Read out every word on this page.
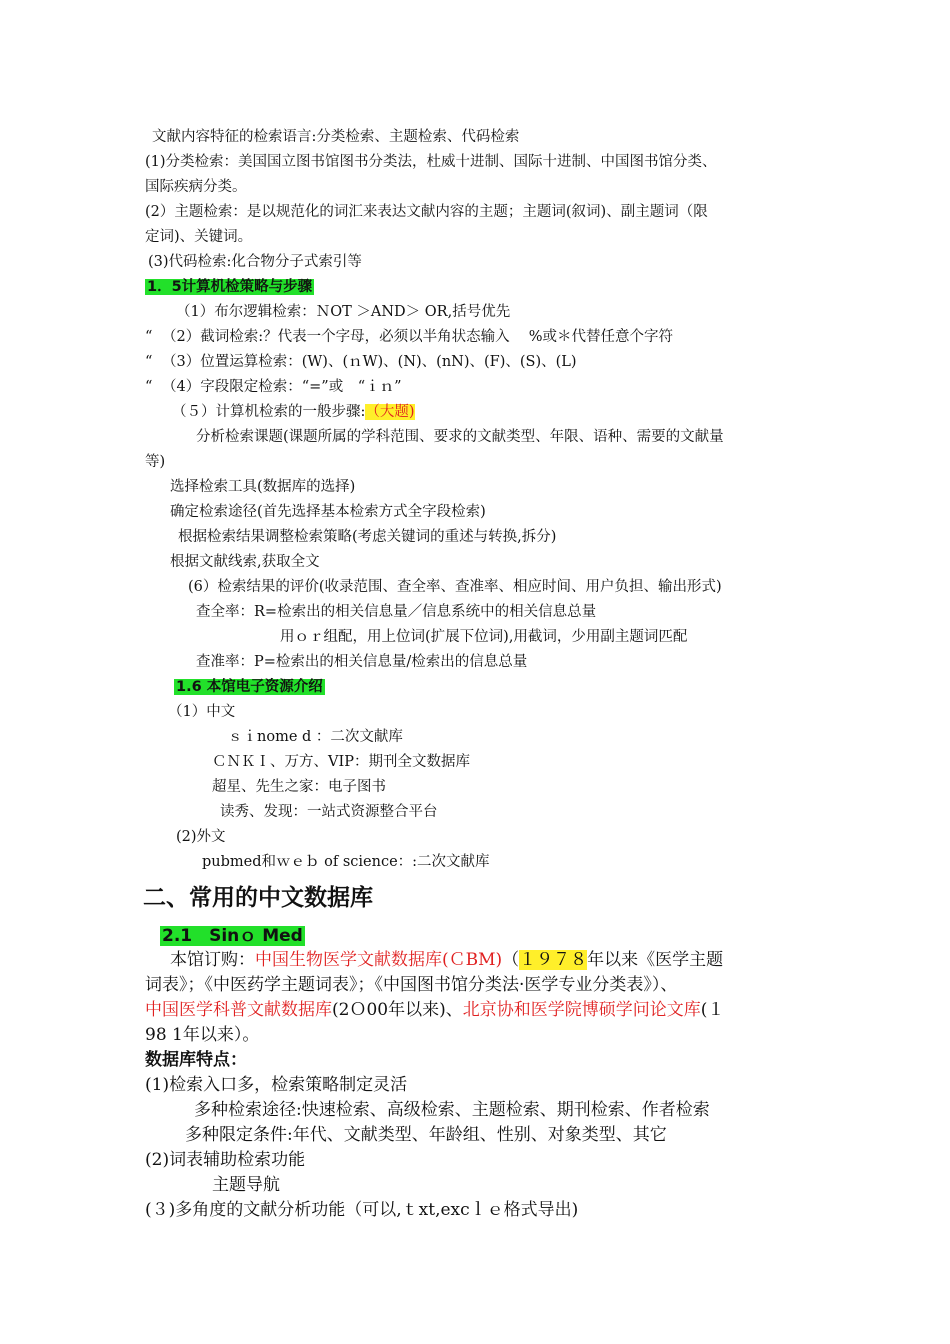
文献内容特征的检索语言:分类检索、主题检索、代码检索
(1)分类检索：美国国立图书馆图书分类法，杜威十进制、国际十进制、中国图书馆分类、
国际疾病分类。
(2）主题检索：是以规范化的词汇来表达文献内容的主题；主题词(叙词)、副主题词（限
定词)、关键词。
(3)代码检索:化合物分子式索引等
1．5计算机检策略与步骤
（1）布尔逻辑检索：ＮOT ＞AND＞ OR,括号优先
“ （2）截词检索:？代表一个字母，必须以半角状态输入　 %或＊代替任意个字符
“ （3）位置运算检索：(W)、(ｎW)、(N)、(nN)、(F)、(S)、(L)
“ （4）字段限定检索：“=”或　“ｉｎ”
（５）计算机检索的一般步骤:（大题)
分析检索课题(课题所属的学科范围、要求的文献类型、年限、语种、需要的文献量
等)
选择检索工具(数据库的选择)
确定检索途径(首先选择基本检索方式全字段检索)
根据检索结果调整检索策略(考虑关键词的重述与转换,拆分)
根据文献线索,获取全文
(6）检索结果的评价(收录范围、查全率、查准率、相应时间、用户负担、输出形式)
查全率：R=检索出的相关信息量／信息系统中的相关信息总量
用ｏｒ组配，用上位词(扩展下位词),用截词，少用副主题词匹配
查准率：P=检索出的相关信息量/检索出的信息总量
1.6 本馆电子资源介绍
（1）中文
ｓｉnome d ：二次文献库
ＣＮＫＩ、万方、VIP：期刊全文数据库
超星、先生之家：电子图书
读秀、发现：一站式资源整合平台
(2)外文
pubmed和ｗｅｂ of science：:二次文献库
二、常用的中文数据库
2.1　Sinｏ Med
本馆订购：中国生物医学文献数据库(ＣBM)（１９７８年以来《医学主题
词表》；《中医药学主题词表》；《中国图书馆分类法·医学专业分类表》）、
中国医学科普文献数据库(2Ｏ00年以来)、北京协和医学院博硕学问论文库(１
98 1年以来）。
数据库特点：
(1)检索入口多，检索策略制定灵活
多种检索途径:快速检索、高级检索、主题检索、期刊检索、作者检索
多种限定条件:年代、文献类型、年龄组、性别、对象类型、其它
(2)词表辅助检索功能
主题导航
(３)多角度的文献分析功能（可以,ｔxt,excｌｅ格式导出)
